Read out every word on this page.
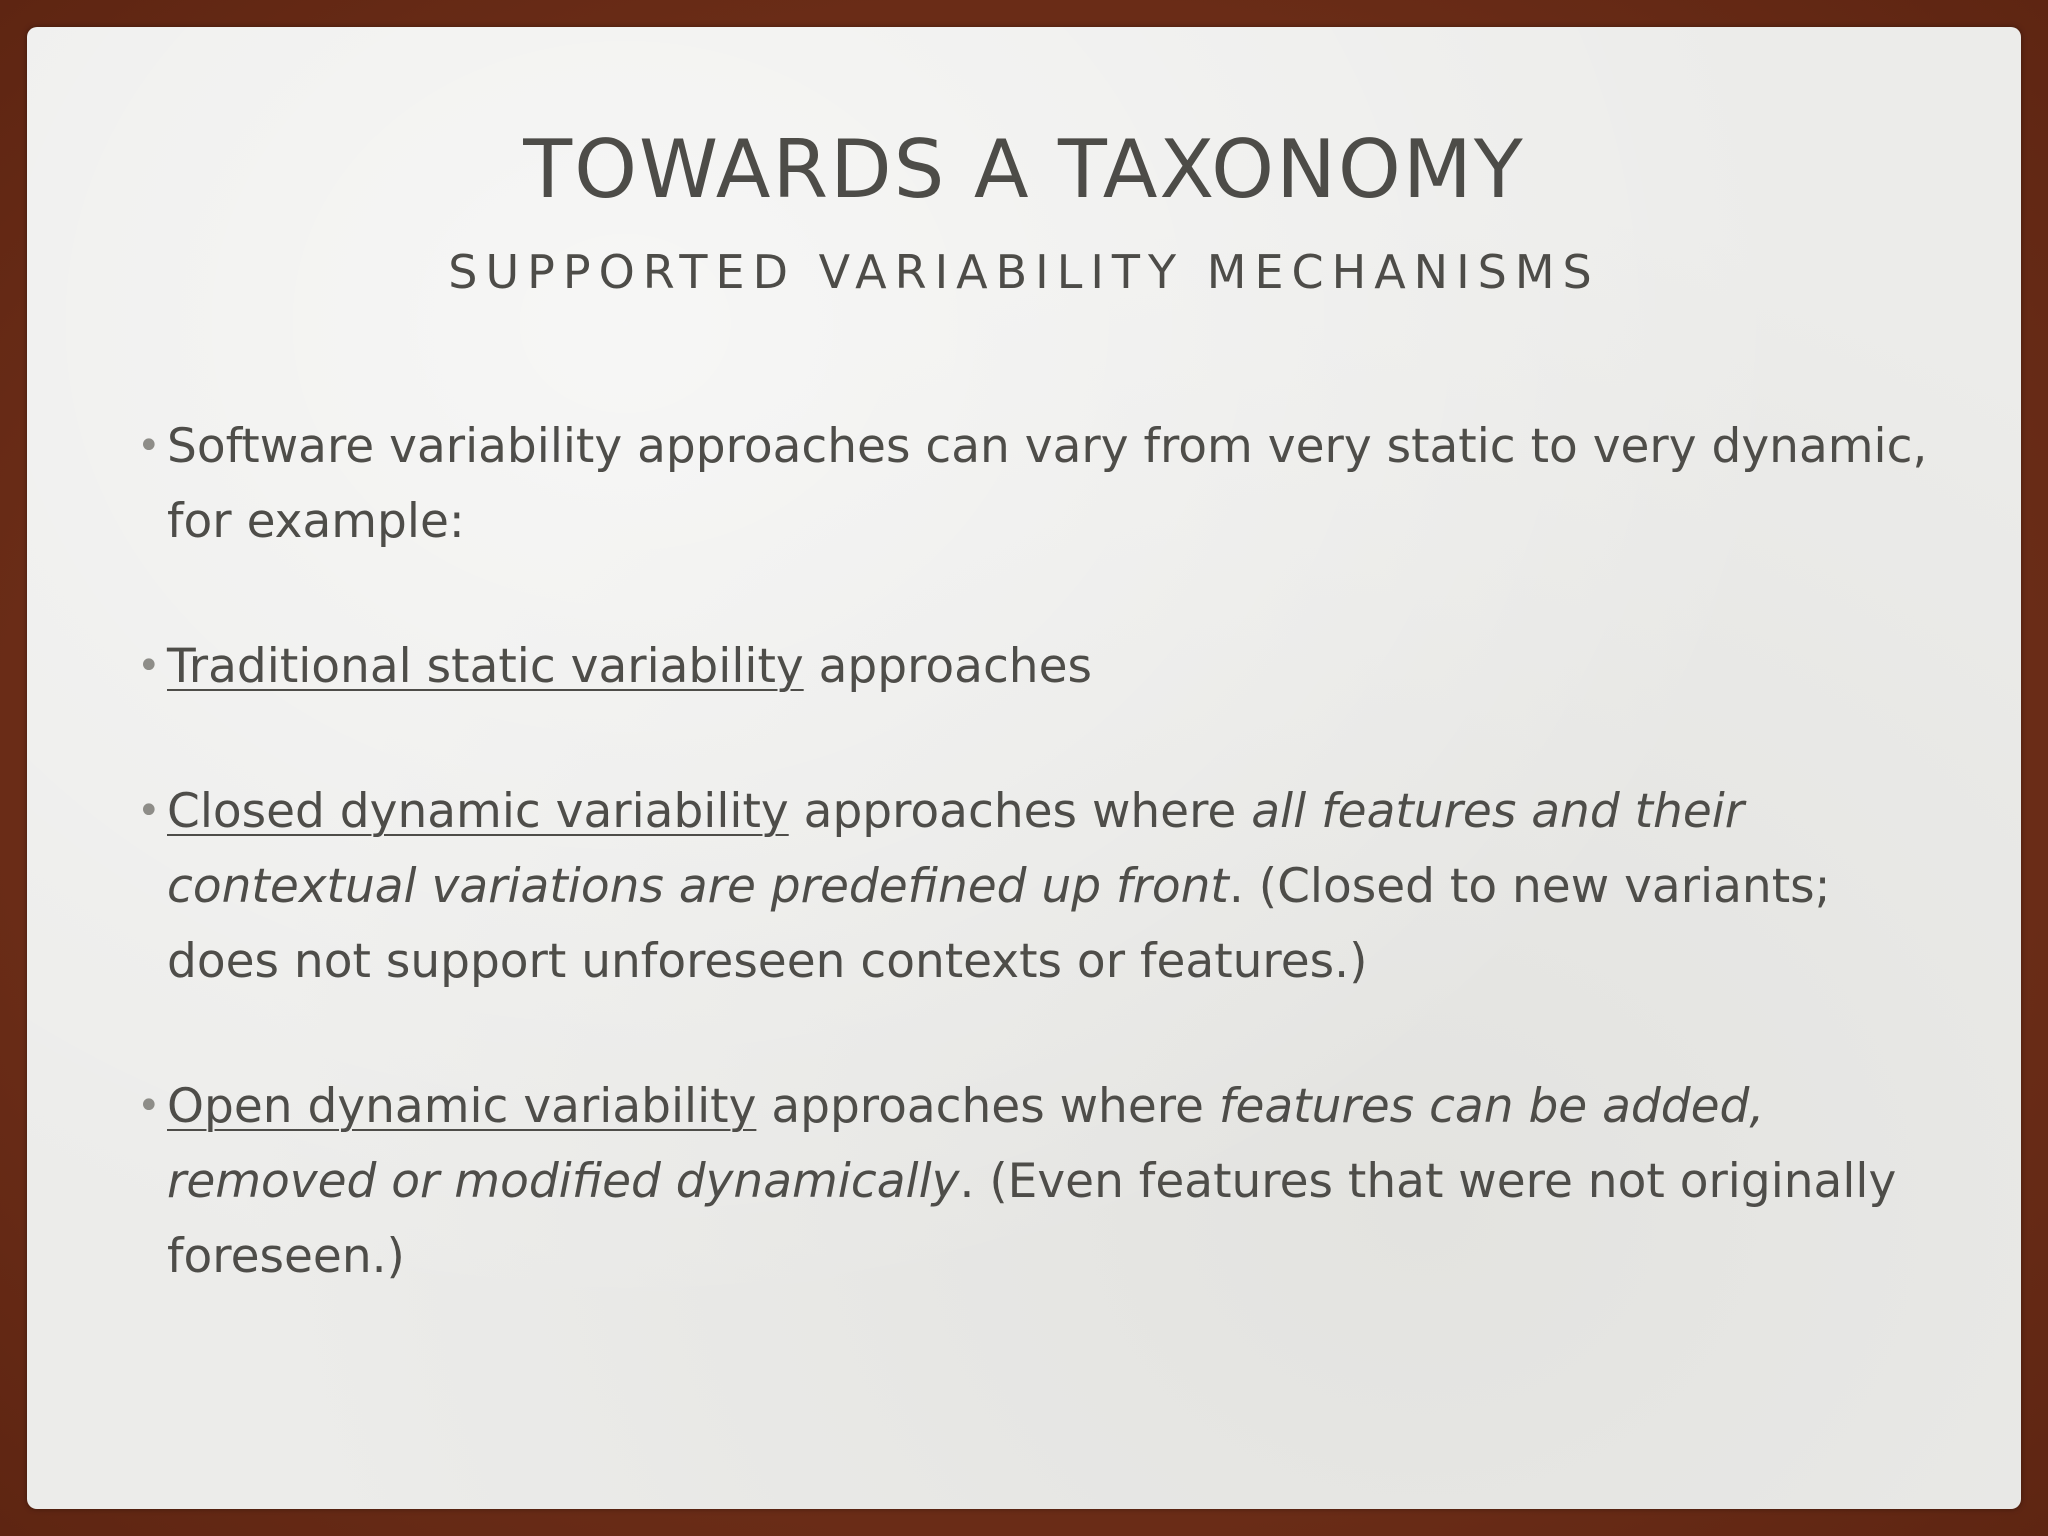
TOWARDS A TAXONOMY
SUPPORTED VARIABILITY MECHANISMS
• Software variability approaches can vary from very static to very dynamic, for example:
• Traditional static variability approaches
• Closed dynamic variability approaches where all features and their contextual variations are predefined up front. (Closed to new variants; does not support unforeseen contexts or features.)
• Open dynamic variability approaches where features can be added, removed or modified dynamically. (Even features that were not originally foreseen.)
